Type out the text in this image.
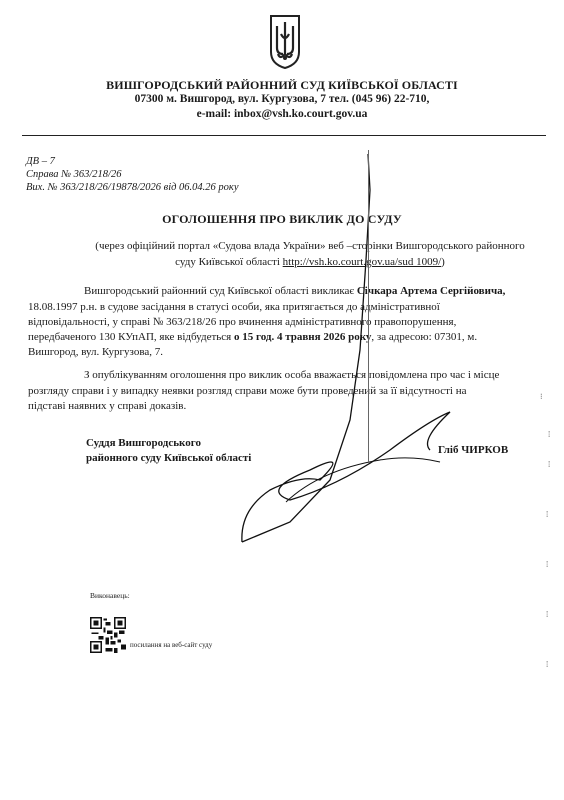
ВИШГОРОДСЬКИЙ РАЙОННИЙ СУД КИЇВСЬКОЇ ОБЛАСТІ
07300 м. Вишгород, вул. Кургузова, 7 тел. (045 96) 22-710,
e-mail: inbox@vsh.ko.court.gov.ua
ДВ – 7
Справа № 363/218/26
Вих. № 363/218/26/19878/2026 від 06.04.26 року
ОГОЛОШЕННЯ ПРО ВИКЛИК ДО СУДУ
(через офіційний портал «Судова влада України» веб –сторінки Вишгородського районного
суду Київської області http://vsh.ko.court.gov.ua/sud 1009/)
Вишгородський районний суд Київської області викликає Січкара Артема Сергійовича,
18.08.1997 р.н. в судове засідання в статусі особи, яка притягається до адміністративної
відповідальності, у справі № 363/218/26 про вчинення адміністративного правопорушення,
передбаченого 130 КУпАП, яке відбудеться о 15 год. 4 травня 2026 року, за адресою: 07301, м.
Вишгород, вул. Кургузова, 7.
З опублікуванням оголошення про виклик особа вважається повідомлена про час і місце
розгляду справи і у випадку неявки розгляд справи може бути проведений за її відсутності на
підставі наявних у справі доказів.
Суддя Вишгородського
районного суду Київської області
Гліб ЧИРКОВ
⁝
⁞
⁞
⁞
⁞
⁞
⁞
Виконавець:
посилання на веб-сайт суду
